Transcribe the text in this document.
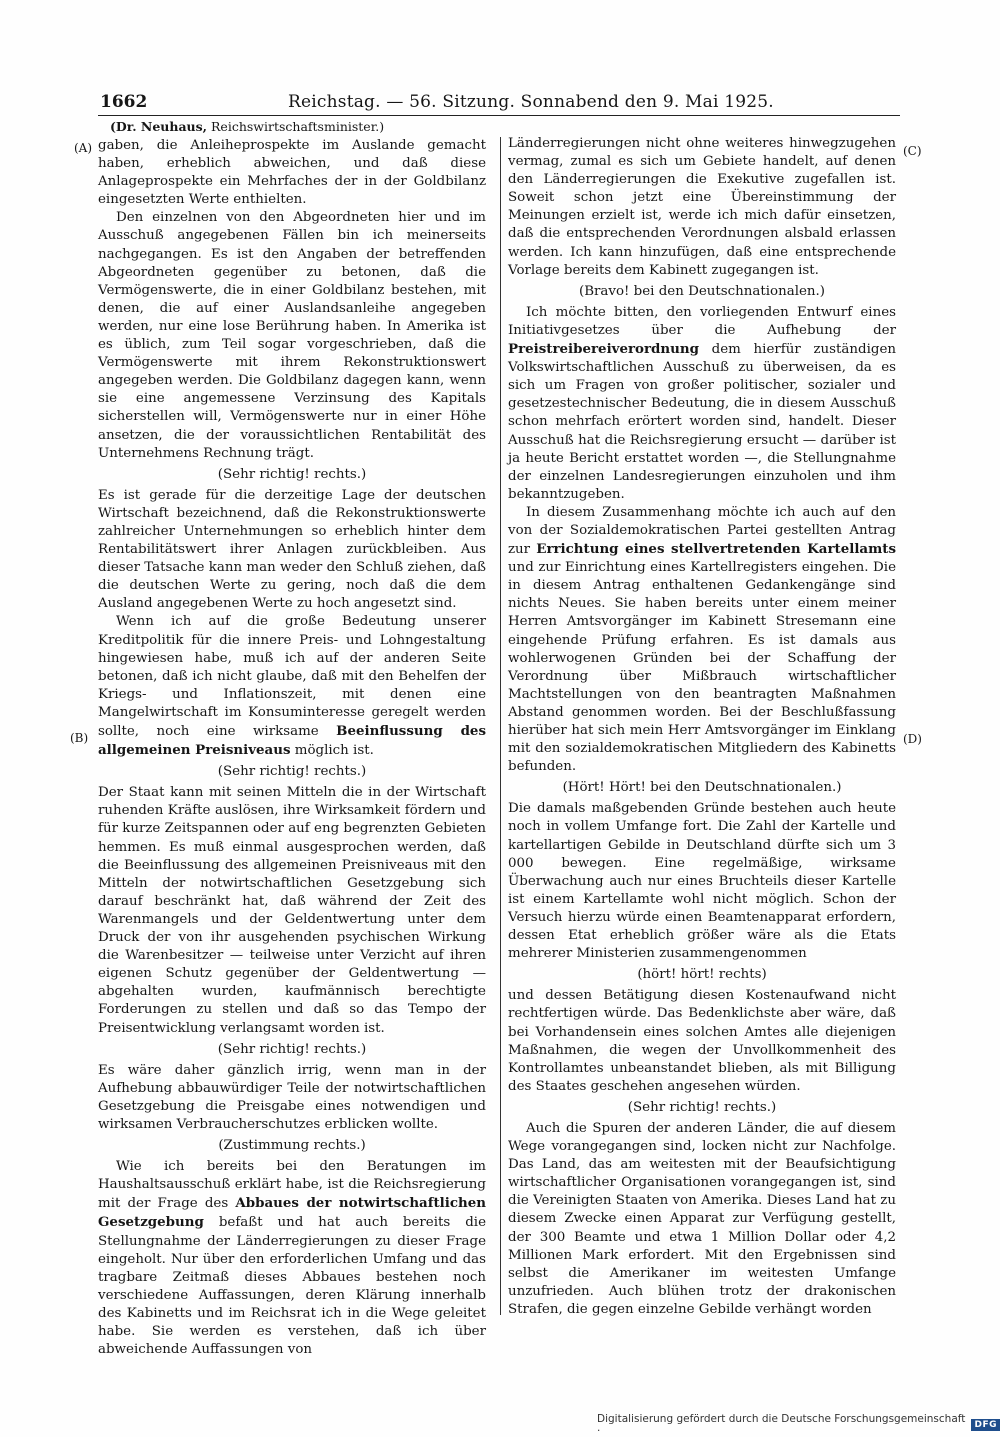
1662	Reichstag. — 56. Sitzung. Sonnabend den 9. Mai 1925.
(Dr. Neuhaus, Reichswirtschaftsminister.)
(A)
(B)
(C)
(D)

gaben, die Anleiheprospekte im Auslande gemacht haben, erheblich abweichen, und daß diese Anlageprospekte ein Mehrfaches der in der Goldbilanz eingesetzten Werte enthielten.

Den einzelnen von den Abgeordneten hier und im Ausschuß angegebenen Fällen bin ich meinerseits nachgegangen. Es ist den Angaben der betreffenden Abgeordneten gegenüber zu betonen, daß die Vermögenswerte, die in einer Goldbilanz bestehen, mit denen, die auf einer Auslandsanleihe angegeben werden, nur eine lose Berührung haben. In Amerika ist es üblich, zum Teil sogar vorgeschrieben, daß die Vermögenswerte mit ihrem Rekonstruktionswert angegeben werden. Die Goldbilanz dagegen kann, wenn sie eine angemessene Verzinsung des Kapitals sicherstellen will, Vermögenswerte nur in einer Höhe ansetzen, die der voraussichtlichen Rentabilität des Unternehmens Rechnung trägt.

(Sehr richtig! rechts.)

Es ist gerade für die derzeitige Lage der deutschen Wirtschaft bezeichnend, daß die Rekonstruktionswerte zahlreicher Unternehmungen so erheblich hinter dem Rentabilitätswert ihrer Anlagen zurückbleiben. Aus dieser Tatsache kann man weder den Schluß ziehen, daß die deutschen Werte zu gering, noch daß die dem Ausland angegebenen Werte zu hoch angesetzt sind.

Wenn ich auf die große Bedeutung unserer Kreditpolitik für die innere Preis- und Lohngestaltung hingewiesen habe, muß ich auf der anderen Seite betonen, daß ich nicht glaube, daß mit den Behelfen der Kriegs- und Inflationszeit, mit denen eine Mangelwirtschaft im Konsuminteresse geregelt werden sollte, noch eine wirksame Beeinflussung des allgemeinen Preisniveaus möglich ist.

(Sehr richtig! rechts.)

Der Staat kann mit seinen Mitteln die in der Wirtschaft ruhenden Kräfte auslösen, ihre Wirksamkeit fördern und für kurze Zeitspannen oder auf eng begrenzten Gebieten hemmen. Es muß einmal ausgesprochen werden, daß die Beeinflussung des allgemeinen Preisniveaus mit den Mitteln der notwirtschaftlichen Gesetzgebung sich darauf beschränkt hat, daß während der Zeit des Warenmangels und der Geldentwertung unter dem Druck der von ihr ausgehenden psychischen Wirkung die Warenbesitzer — teilweise unter Verzicht auf ihren eigenen Schutz gegenüber der Geldentwertung — abgehalten wurden, kaufmännisch berechtigte Forderungen zu stellen und daß so das Tempo der Preisentwicklung verlangsamt worden ist.

(Sehr richtig! rechts.)

Es wäre daher gänzlich irrig, wenn man in der Aufhebung abbauwürdiger Teile der notwirtschaftlichen Gesetzgebung die Preisgabe eines notwendigen und wirksamen Verbraucherschutzes erblicken wollte.

(Zustimmung rechts.)

Wie ich bereits bei den Beratungen im Haushaltsausschuß erklärt habe, ist die Reichsregierung mit der Frage des Abbaues der notwirtschaftlichen Gesetzgebung befaßt und hat auch bereits die Stellungnahme der Länderregierungen zu dieser Frage eingeholt. Nur über den erforderlichen Umfang und das tragbare Zeitmaß dieses Abbaues bestehen noch verschiedene Auffassungen, deren Klärung innerhalb des Kabinetts und im Reichsrat ich in die Wege geleitet habe. Sie werden es verstehen, daß ich über abweichende Auffassungen von

Länderregierungen nicht ohne weiteres hinwegzugehen vermag, zumal es sich um Gebiete handelt, auf denen den Länderregierungen die Exekutive zugefallen ist. Soweit schon jetzt eine Übereinstimmung der Meinungen erzielt ist, werde ich mich dafür einsetzen, daß die entsprechenden Verordnungen alsbald erlassen werden. Ich kann hinzufügen, daß eine entsprechende Vorlage bereits dem Kabinett zugegangen ist.

(Bravo! bei den Deutschnationalen.)

Ich möchte bitten, den vorliegenden Entwurf eines Initiativgesetzes über die Aufhebung der Preistreibereiverordnung dem hierfür zuständigen Volkswirtschaftlichen Ausschuß zu überweisen, da es sich um Fragen von großer politischer, sozialer und gesetzestechnischer Bedeutung, die in diesem Ausschuß schon mehrfach erörtert worden sind, handelt. Dieser Ausschuß hat die Reichsregierung ersucht — darüber ist ja heute Bericht erstattet worden —, die Stellungnahme der einzelnen Landesregierungen einzuholen und ihm bekanntzugeben.

In diesem Zusammenhang möchte ich auch auf den von der Sozialdemokratischen Partei gestellten Antrag zur Errichtung eines stellvertretenden Kartellamts und zur Einrichtung eines Kartellregisters eingehen. Die in diesem Antrag enthaltenen Gedankengänge sind nichts Neues. Sie haben bereits unter einem meiner Herren Amtsvorgänger im Kabinett Stresemann eine eingehende Prüfung erfahren. Es ist damals aus wohlerwogenen Gründen bei der Schaffung der Verordnung über Mißbrauch wirtschaftlicher Machtstellungen von den beantragten Maßnahmen Abstand genommen worden. Bei der Beschlußfassung hierüber hat sich mein Herr Amtsvorgänger im Einklang mit den sozialdemokratischen Mitgliedern des Kabinetts befunden.

(Hört! Hört! bei den Deutschnationalen.)

Die damals maßgebenden Gründe bestehen auch heute noch in vollem Umfange fort. Die Zahl der Kartelle und kartellartigen Gebilde in Deutschland dürfte sich um 3 000 bewegen. Eine regelmäßige, wirksame Überwachung auch nur eines Bruchteils dieser Kartelle ist einem Kartellamte wohl nicht möglich. Schon der Versuch hierzu würde einen Beamtenapparat erfordern, dessen Etat erheblich größer wäre als die Etats mehrerer Ministerien zusammengenommen

(hört! hört! rechts)

und dessen Betätigung diesen Kostenaufwand nicht rechtfertigen würde. Das Bedenklichste aber wäre, daß bei Vorhandensein eines solchen Amtes alle diejenigen Maßnahmen, die wegen der Unvollkommenheit des Kontrollamtes unbeanstandet blieben, als mit Billigung des Staates geschehen angesehen würden.

(Sehr richtig! rechts.)

Auch die Spuren der anderen Länder, die auf diesem Wege vorangegangen sind, locken nicht zur Nachfolge. Das Land, das am weitesten mit der Beaufsichtigung wirtschaftlicher Organisationen vorangegangen ist, sind die Vereinigten Staaten von Amerika. Dieses Land hat zu diesem Zwecke einen Apparat zur Verfügung gestellt, der 300 Beamte und etwa 1 Million Dollar oder 4,2 Millionen Mark erfordert. Mit den Ergebnissen sind selbst die Amerikaner im weitesten Umfange unzufrieden. Auch blühen trotz der drakonischen Strafen, die gegen einzelne Gebilde verhängt worden

Digitalisierung gefördert durch die Deutsche Forschungsgemeinschaft ·	DFG
